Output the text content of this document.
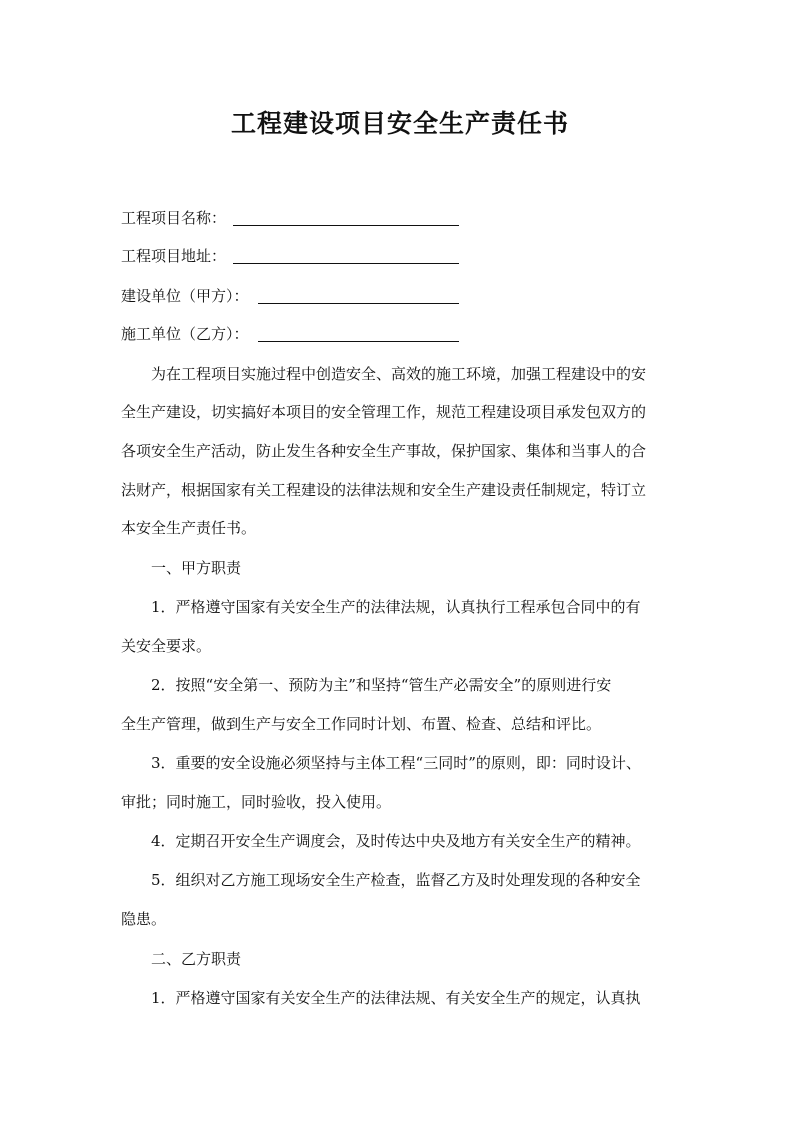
工程建设项目安全生产责任书
工程项目名称：
工程项目地址：
建设单位（甲方）：
施工单位（乙方）：
为在工程项目实施过程中创造安全、高效的施工环境，加强工程建设中的安
全生产建设，切实搞好本项目的安全管理工作，规范工程建设项目承发包双方的
各项安全生产活动，防止发生各种安全生产事故，保护国家、集体和当事人的合
法财产，根据国家有关工程建设的法律法规和安全生产建设责任制规定，特订立
本安全生产责任书。
一、甲方职责
1．严格遵守国家有关安全生产的法律法规，认真执行工程承包合同中的有
关安全要求。
2．按照“安全第一、预防为主”和坚持“管生产必需安全”的原则进行安
全生产管理，做到生产与安全工作同时计划、布置、检查、总结和评比。
3．重要的安全设施必须坚持与主体工程“三同时”的原则，即：同时设计、
审批；同时施工，同时验收，投入使用。
4．定期召开安全生产调度会，及时传达中央及地方有关安全生产的精神。
5．组织对乙方施工现场安全生产检查，监督乙方及时处理发现的各种安全
隐患。
二、乙方职责
1．严格遵守国家有关安全生产的法律法规、有关安全生产的规定，认真执
